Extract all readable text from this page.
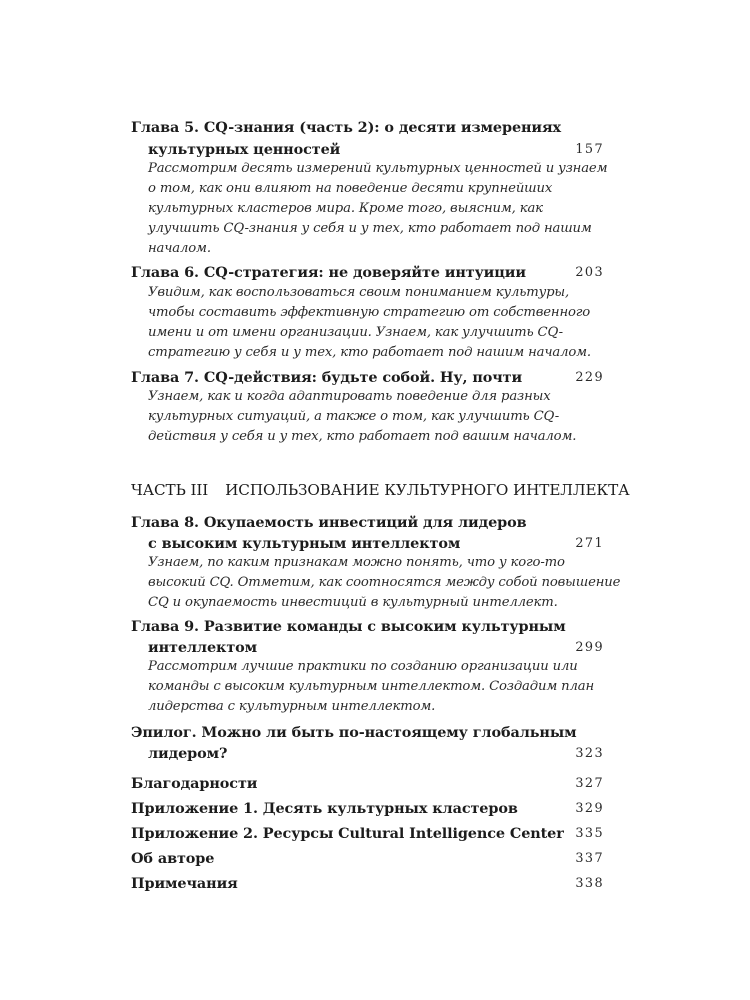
Глава 5. CQ-знания (часть 2): о десяти измерениях
культурных ценностей	157
Рассмотрим десять измерений культурных ценностей и узнаем
о том, как они влияют на поведение десяти крупнейших
культурных кластеров мира. Кроме того, выясним, как
улучшить CQ-знания у себя и у тех, кто работает под нашим
началом.
Глава 6. CQ-стратегия: не доверяйте интуиции	203
Увидим, как воспользоваться своим пониманием культуры,
чтобы составить эффективную стратегию от собственного
имени и от имени организации. Узнаем, как улучшить CQ-
стратегию у себя и у тех, кто работает под нашим началом.
Глава 7. CQ-действия: будьте собой. Ну, почти	229
Узнаем, как и когда адаптировать поведение для разных
культурных ситуаций, а также о том, как улучшить CQ-
действия у себя и у тех, кто работает под вашим началом.
ЧАСТЬ III ИСПОЛЬЗОВАНИЕ КУЛЬТУРНОГО ИНТЕЛЛЕКТА
Глава 8. Окупаемость инвестиций для лидеров
с высоким культурным интеллектом	271
Узнаем, по каким признакам можно понять, что у кого-то
высокий CQ. Отметим, как соотносятся между собой повышение
CQ и окупаемость инвестиций в культурный интеллект.
Глава 9. Развитие команды с высоким культурным
интеллектом	299
Рассмотрим лучшие практики по созданию организации или
команды с высоким культурным интеллектом. Создадим план
лидерства с культурным интеллектом.
Эпилог. Можно ли быть по-настоящему глобальным
лидером?	323
Благодарности	327
Приложение 1. Десять культурных кластеров	329
Приложение 2. Ресурсы Cultural Intelligence Center 335
Об авторе	337
Примечания	338
